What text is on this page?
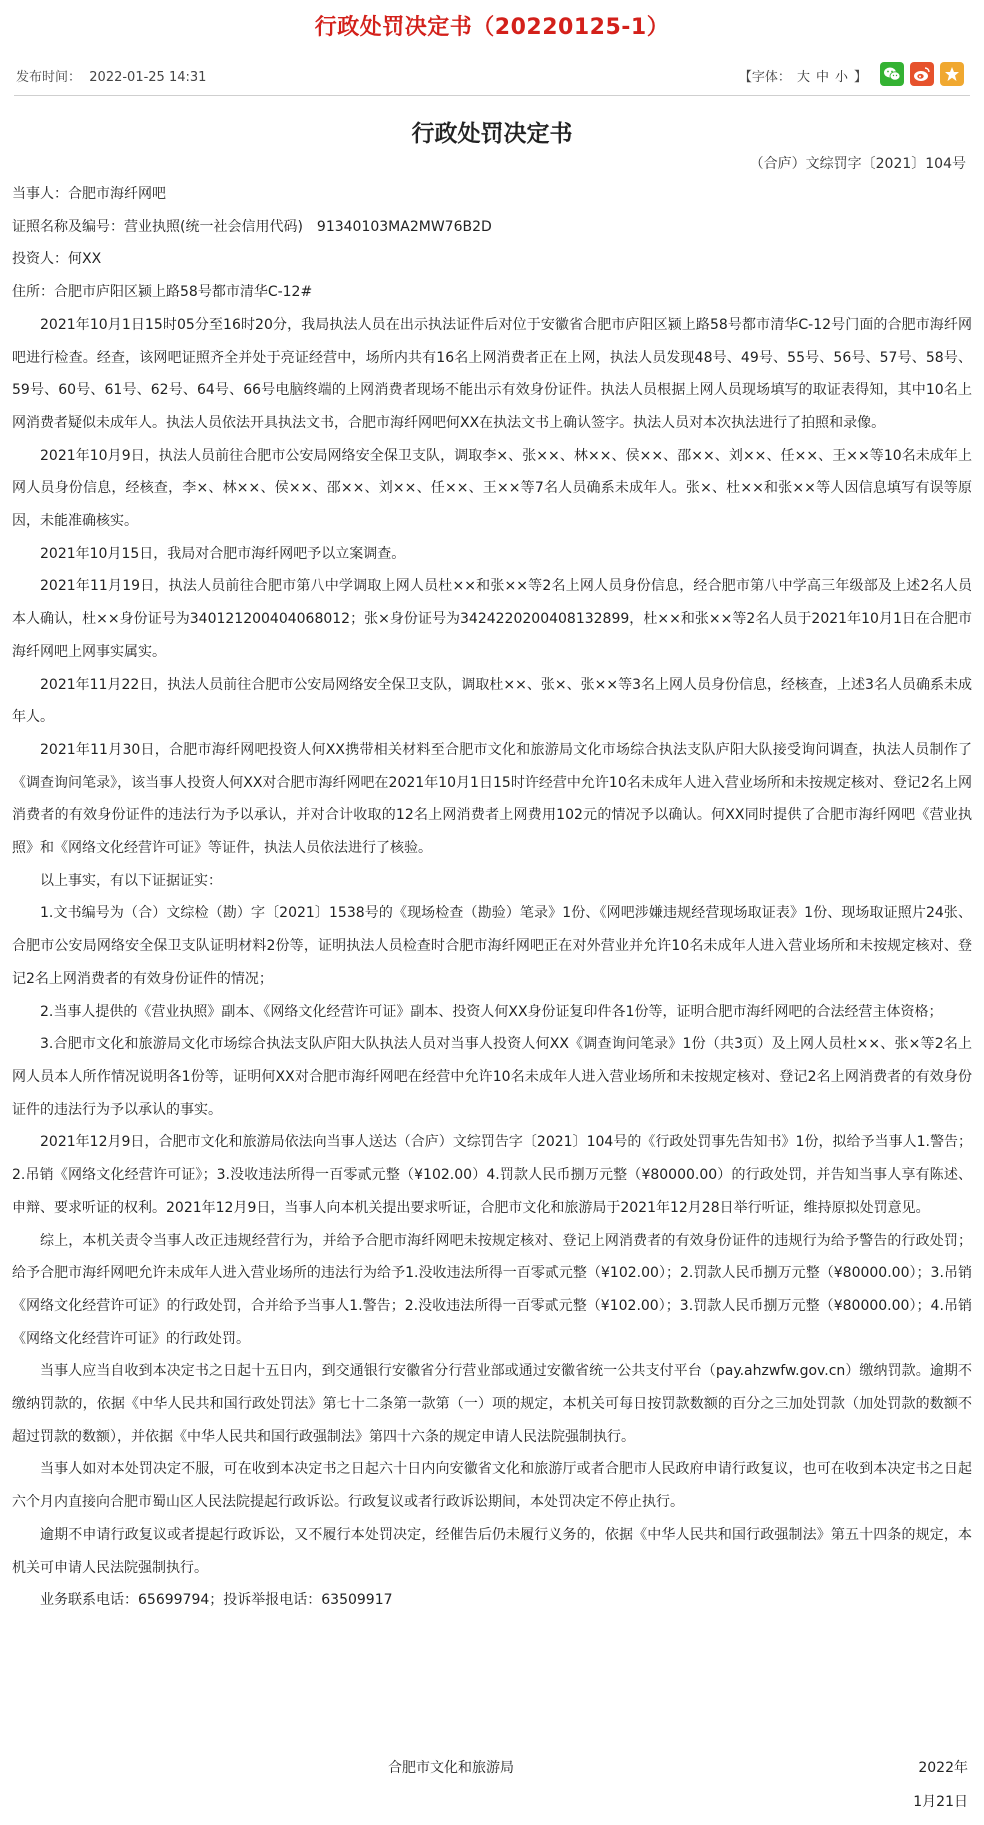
行政处罚决定书（20220125-1）
发布时间： 2022-01-25 14:31	【字体： 大 中 小 】
行政处罚决定书
（合庐）文综罚字〔2021〕104号

当事人：合肥市海纤网吧

证照名称及编号：营业执照(统一社会信用代码)　91340103MA2MW76B2D

投资人：何XX

住所：合肥市庐阳区颍上路58号都市清华C-12#

2021年10月1日15时05分至16时20分，我局执法人员在出示执法证件后对位于安徽省合肥市庐阳区颍上路58号都市清华C-12号门面的合肥市海纤网吧进行检查。经查，该网吧证照齐全并处于亮证经营中，场所内共有16名上网消费者正在上网，执法人员发现48号、49号、55号、56号、57号、58号、59号、60号、61号、62号、64号、66号电脑终端的上网消费者现场不能出示有效身份证件。执法人员根据上网人员现场填写的取证表得知，其中10名上网消费者疑似未成年人。执法人员依法开具执法文书，合肥市海纤网吧何XX在执法文书上确认签字。执法人员对本次执法进行了拍照和录像。

2021年10月9日，执法人员前往合肥市公安局网络安全保卫支队，调取李×、张××、林××、侯××、邵××、刘××、任××、王××等10名未成年上网人员身份信息，经核查，李×、林××、侯××、邵××、刘××、任××、王××等7名人员确系未成年人。张×、杜××和张××等人因信息填写有误等原因，未能准确核实。

2021年10月15日，我局对合肥市海纤网吧予以立案调查。

2021年11月19日，执法人员前往合肥市第八中学调取上网人员杜××和张××等2名上网人员身份信息，经合肥市第八中学高三年级部及上述2名人员本人确认，杜××身份证号为340121200404068012；张×身份证号为342422020040813289​9，杜××和张××等2名人员于2021年10月1日在合肥市海纤网吧上网事实属实。

2021年11月22日，执法人员前往合肥市公安局网络安全保卫支队，调取杜××、张×、张××等3名上网人员身份信息，经核查，上述3名人员确系未成年人。

2021年11月30日，合肥市海纤网吧投资人何XX携带相关材料至合肥市文化和旅游局文化市场综合执法支队庐阳大队接受询问调查，执法人员制作了《调查询问笔录》，该当事人投资人何XX对合肥市海纤网吧在2021年10月1日15时许经营中允许10名未成年人进入营业场所和未按规定核对、登记2名上网消费者的有效身份证件的违法行为予以承认，并对合计收取的12名上网消费者上网费用102元的情况予以确认。何XX同时提供了合肥市海纤网吧《营业执照》和《网络文化经营许可证》等证件，执法人员依法进行了核验。

以上事实，有以下证据证实：

1.文书编号为（合）文综检（勘）字〔2021〕1538号的《现场检查（勘验）笔录》1份、《网吧涉嫌违规经营现场取证表》1份、现场取证照片24张、合肥市公安局网络安全保卫支队证明材料2份等，证明执法人员检查时合肥市海纤网吧正在对外营业并允许10名未成年人进入营业场所和未按规定核对、登记2名上网消费者的有效身份证件的情况；

2.当事人提供的《营业执照》副本、《网络文化经营许可证》副本、投资人何XX身份证复印件各1份等，证明合肥市海纤网吧的合法经营主体资格；

3.合肥市文化和旅游局文化市场综合执法支队庐阳大队执法人员对当事人投资人何XX《调查询问笔录》1份（共3页）及上网人员杜××、张×等2名上网人员本人所作情况说明各1份等，证明何XX对合肥市海纤网吧在经营中允许10名未成年人进入营业场所和未按规定核对、登记2名上网消费者的有效身份证件的违法行为予以承认的事实。

2021年12月9日，合肥市文化和旅游局依法向当事人送达（合庐）文综罚告字〔2021〕104号的《行政处罚事先告知书》1份，拟给予当事人1.警告；2.吊销《网络文化经营许可证》；3.没收违法所得一百零贰元整（¥102.00）4.罚款人民币捌万元整（¥80000.00）的行政处罚，并告知当事人享有陈述、申辩、要求听证的权利。2021年12月9日，当事人向本机关提出要求听证，合肥市文化和旅游局于2021年12月28日举行听证，维持原拟处罚意见。

综上，本机关责令当事人改正违规经营行为，并给予合肥市海纤网吧未按规定核对、登记上网消费者的有效身份证件的违规行为给予警告的行政处罚；给予合肥市海纤网吧允许未成年人进入营业场所的违法行为给予1.没收违法所得一百零贰元整（¥102.00）；2.罚款人民币捌万元整（¥80000.00）；3.吊销《网络文化经营许可证》的行政处罚，合并给予当事人1.警告；2.没收违法所得一百零贰元整（¥102.00）；3.罚款人民币捌万元整（¥80000.00）；4.吊销《网络文化经营许可证》的行政处罚。

当事人应当自收到本决定书之日起十五日内，到交通银行安徽省分行营业部或通过安徽省统一公共支付平台（pay.ahzwfw.gov.cn）缴纳罚款。逾期不缴纳罚款的，依据《中华人民共和国行政处罚法》第七十二条第一款第（一）项的规定，本机关可每日按罚款数额的百分之三加处罚款（加处罚款的数额不超过罚款的数额），并依据《中华人民共和国行政强制法》第四十六条的规定申请人民法院强制执行。

当事人如对本处罚决定不服，可在收到本决定书之日起六十日内向安徽省文化和旅游厅或者合肥市人民政府申请行政复议，也可在收到本决定书之日起六个月内直接向合肥市蜀山区人民法院提起行政诉讼。行政复议或者行政诉讼期间，本处罚决定不停止执行。

逾期不申请行政复议或者提起行政诉讼，又不履行本处罚决定，经催告后仍未履行义务的，依据《中华人民共和国行政强制法》第五十四条的规定，本机关可申请人民法院强制执行。

业务联系电话：65699794；投诉举报电话：63509917

合肥市文化和旅游局	2022年
1月21日
